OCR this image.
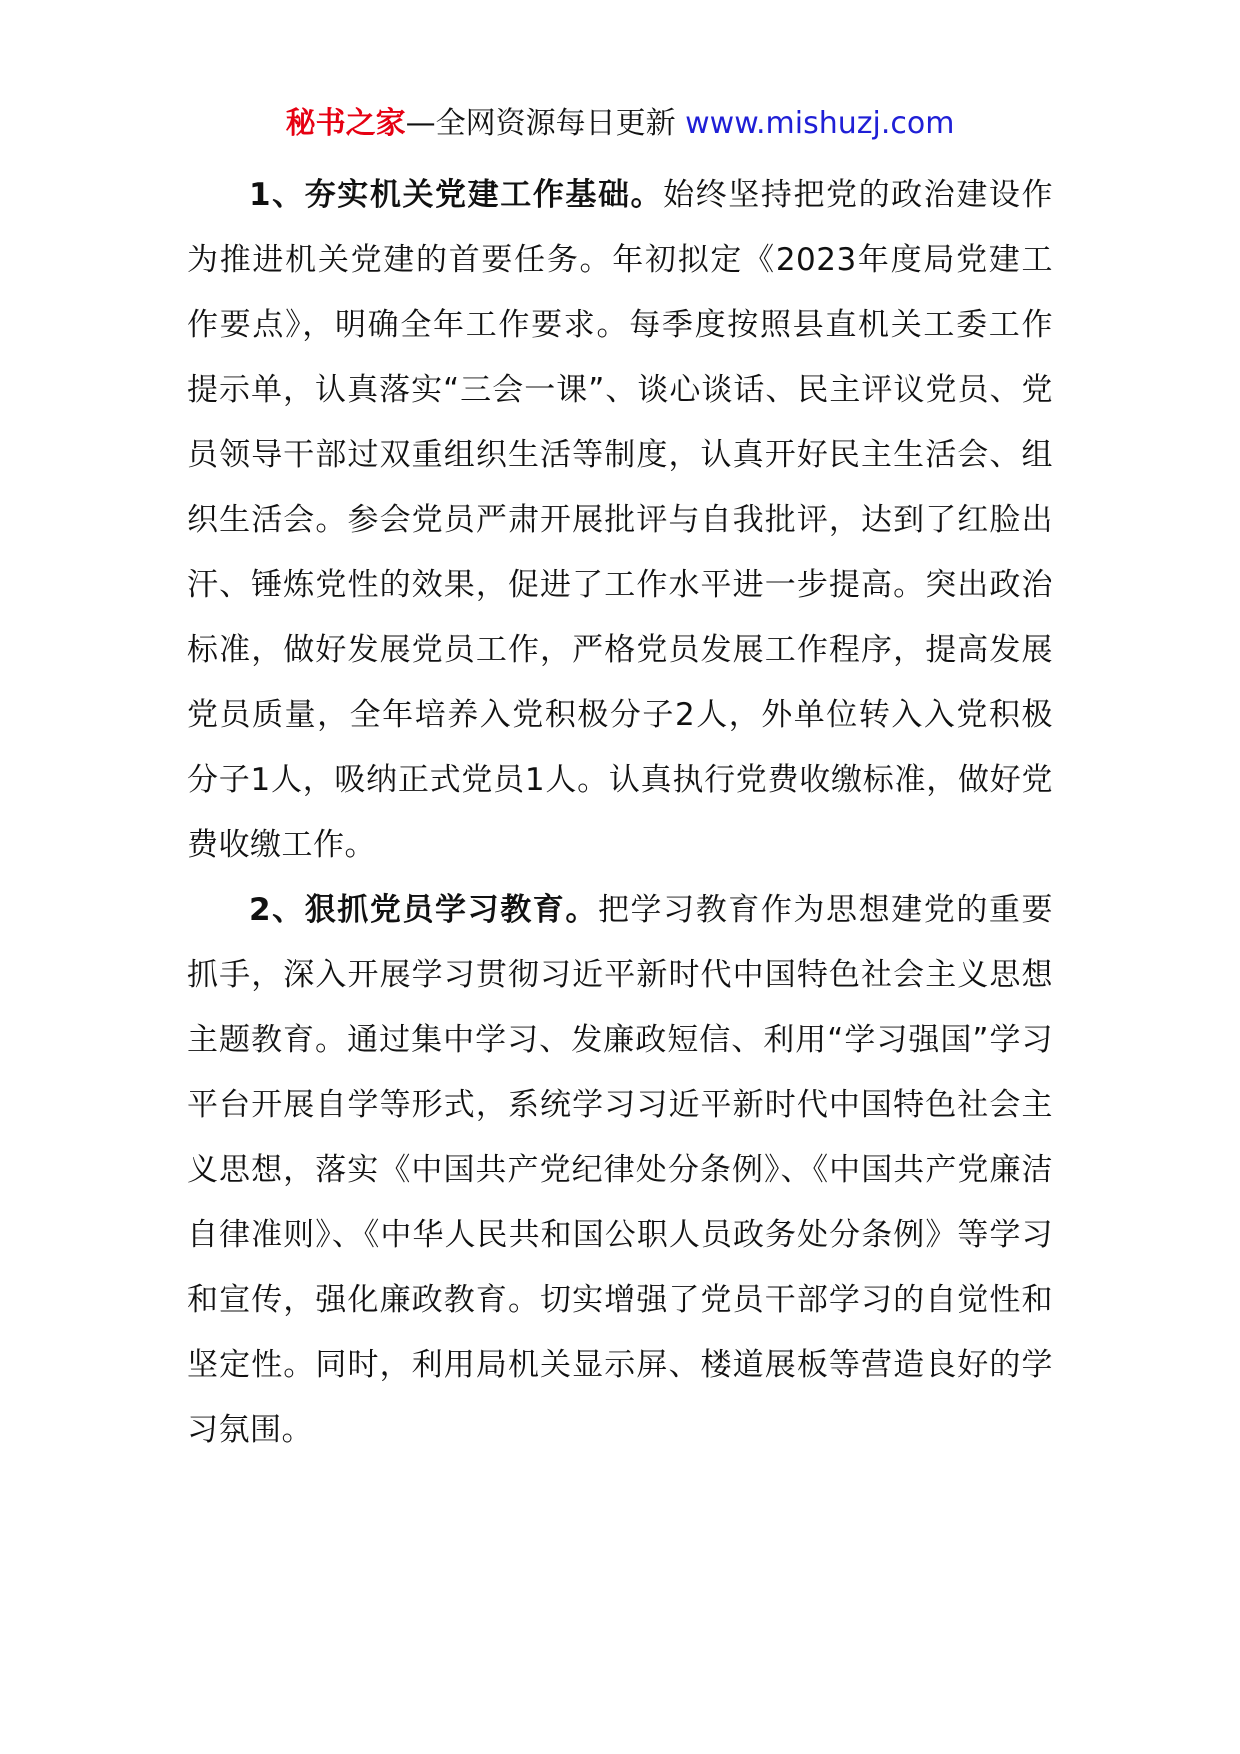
秘书之家—全网资源每日更新 www.mishuzj.com

1、夯实机关党建工作基础。始终坚持把党的政治建设作为推进机关党建的首要任务。年初拟定《2023年度局党建工作要点》，明确全年工作要求。每季度按照县直机关工委工作提示单，认真落实“三会一课”、谈心谈话、民主评议党员、党员领导干部过双重组织生活等制度，认真开好民主生活会、组织生活会。参会党员严肃开展批评与自我批评，达到了红脸出汗、锤炼党性的效果，促进了工作水平进一步提高。突出政治标准，做好发展党员工作，严格党员发展工作程序，提高发展党员质量，全年培养入党积极分子2人，外单位转入入党积极分子1人，吸纳正式党员1人。认真执行党费收缴标准，做好党费收缴工作。

2、狠抓党员学习教育。把学习教育作为思想建党的重要抓手，深入开展学习贯彻习近平新时代中国特色社会主义思想主题教育。通过集中学习、发廉政短信、利用“学习强国”学习平台开展自学等形式，系统学习习近平新时代中国特色社会主义思想，落实《中国共产党纪律处分条例》、《中国共产党廉洁自律准则》、《中华人民共和国公职人员政务处分条例》等学习和宣传，强化廉政教育。切实增强了党员干部学习的自觉性和坚定性。同时，利用局机关显示屏、楼道展板等营造良好的学习氛围。
